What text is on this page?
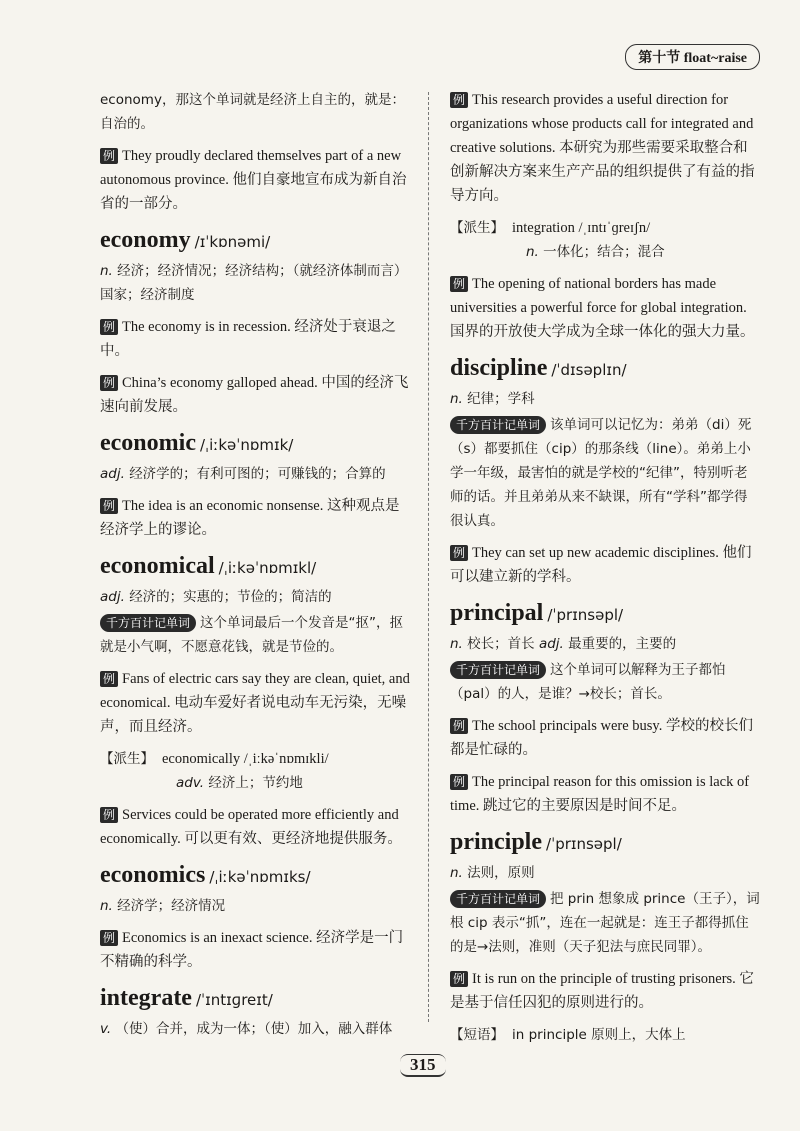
第十节 float~raise

economy，那这个单词就是经济上自主的，就是：自治的。

例 They proudly declared themselves part of a new autonomous province. 他们自豪地宣布成为新自治省的一部分。

economy /ɪˈkɒnəmi/

n. 经济；经济情况；经济结构；（就经济体制而言）国家；经济制度

例 The economy is in recession. 经济处于衰退之中。

例 China’s economy galloped ahead. 中国的经济飞速向前发展。

economic /ˌiːkəˈnɒmɪk/

adj. 经济学的；有利可图的；可赚钱的；合算的

例 The idea is an economic nonsense. 这种观点是经济学上的谬论。

economical /ˌiːkəˈnɒmɪkl/

adj. 经济的；实惠的；节俭的；简洁的

千方百计记单词 这个单词最后一个发音是“抠”，抠就是小气啊，不愿意花钱，就是节俭的。

例 Fans of electric cars say they are clean, quiet, and economical. 电动车爱好者说电动车无污染，无噪声，而且经济。

【派生】 economically /ˌiːkəˈnɒmɪkli/
adv. 经济上；节约地

例 Services could be operated more efficiently and economically. 可以更有效、更经济地提供服务。

economics /ˌiːkəˈnɒmɪks/

n. 经济学；经济情况

例 Economics is an inexact science. 经济学是一门不精确的科学。

integrate /ˈɪntɪɡreɪt/

v. （使）合并，成为一体；（使）加入，融入群体

例 This research provides a useful direction for organizations whose products call for integrated and creative solutions. 本研究为那些需要采取整合和创新解决方案来生产产品的组织提供了有益的指导方向。

【派生】 integration /ˌɪntɪˈɡreɪʃn/
n. 一体化；结合；混合

例 The opening of national borders has made universities a powerful force for global integration. 国界的开放使大学成为全球一体化的强大力量。

discipline /ˈdɪsəplɪn/

n. 纪律；学科

千方百计记单词 该单词可以记忆为：弟弟（di）死（s）都要抓住（cip）的那条线（line）。弟弟上小学一年级，最害怕的就是学校的“纪律”，特别听老师的话。并且弟弟从来不缺课，所有“学科”都学得很认真。

例 They can set up new academic disciplines. 他们可以建立新的学科。

principal /ˈprɪnsəpl/

n. 校长；首长 adj. 最重要的，主要的

千方百计记单词 这个单词可以解释为王子都怕（pal）的人，是谁？→校长；首长。

例 The school principals were busy. 学校的校长们都是忙碌的。

例 The principal reason for this omission is lack of time. 跳过它的主要原因是时间不足。

principle /ˈprɪnsəpl/

n. 法则，原则

千方百计记单词 把 prin 想象成 prince（王子），词根 cip 表示“抓”，连在一起就是：连王子都得抓住的是→法则，准则（天子犯法与庶民同罪）。

例 It is run on the principle of trusting prisoners. 它是基于信任囚犯的原则进行的。

【短语】 in principle 原则上，大体上

315
